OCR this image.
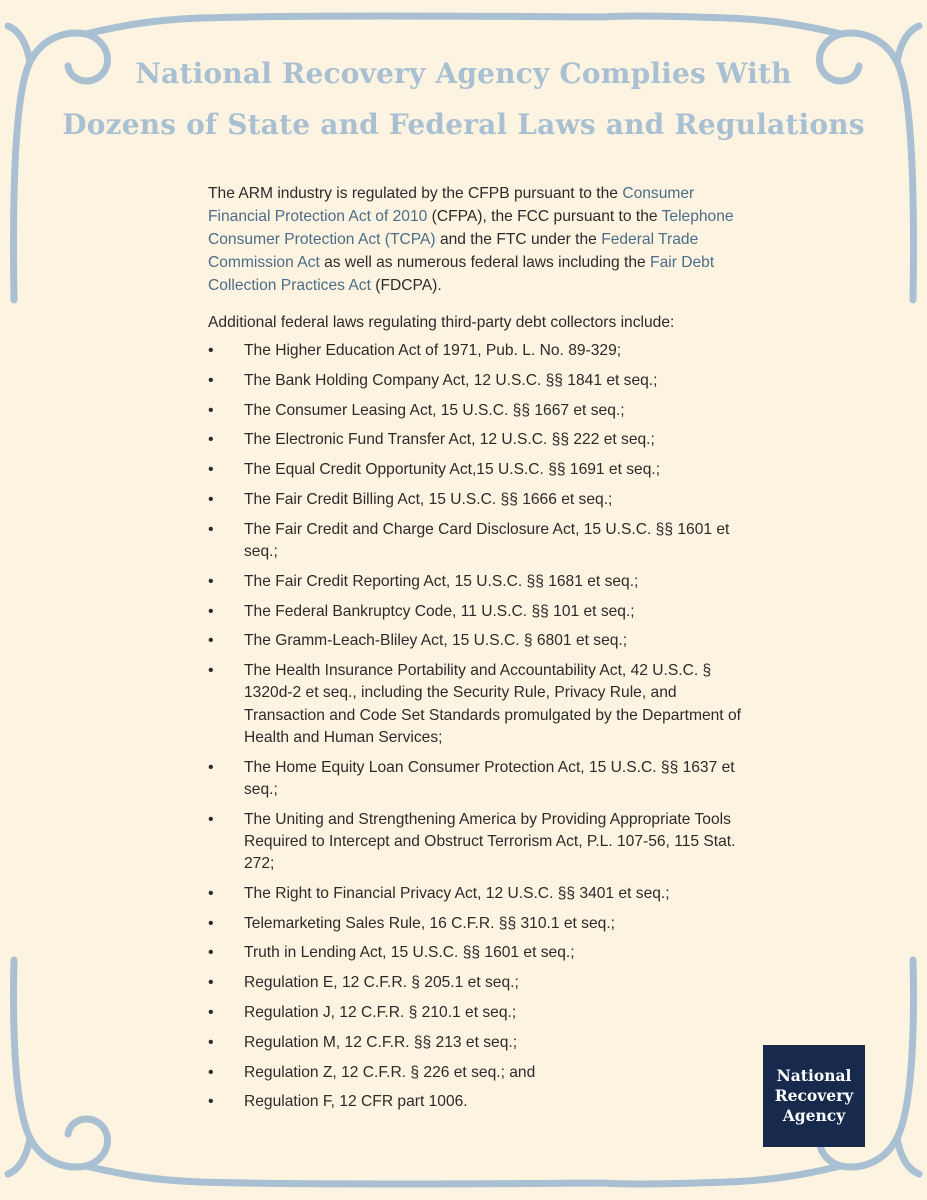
National Recovery Agency Complies With
Dozens of State and Federal Laws and Regulations

The ARM industry is regulated by the CFPB pursuant to the Consumer Financial Protection Act of 2010 (CFPA), the FCC pursuant to the Telephone Consumer Protection Act (TCPA) and the FTC under the Federal Trade Commission Act as well as numerous federal laws including the Fair Debt Collection Practices Act (FDCPA).

Additional federal laws regulating third-party debt collectors include:

• The Higher Education Act of 1971, Pub. L. No. 89-329;
• The Bank Holding Company Act, 12 U.S.C. §§ 1841 et seq.;
• The Consumer Leasing Act, 15 U.S.C. §§ 1667 et seq.;
• The Electronic Fund Transfer Act, 12 U.S.C. §§ 222 et seq.;
• The Equal Credit Opportunity Act,15 U.S.C. §§ 1691 et seq.;
• The Fair Credit Billing Act, 15 U.S.C. §§ 1666 et seq.;
• The Fair Credit and Charge Card Disclosure Act, 15 U.S.C. §§ 1601 et seq.;
• The Fair Credit Reporting Act, 15 U.S.C. §§ 1681 et seq.;
• The Federal Bankruptcy Code, 11 U.S.C. §§ 101 et seq.;
• The Gramm-Leach-Bliley Act, 15 U.S.C. § 6801 et seq.;
• The Health Insurance Portability and Accountability Act, 42 U.S.C. § 1320d-2 et seq., including the Security Rule, Privacy Rule, and Transaction and Code Set Standards promulgated by the Department of Health and Human Services;
• The Home Equity Loan Consumer Protection Act, 15 U.S.C. §§ 1637 et seq.;
• The Uniting and Strengthening America by Providing Appropriate Tools Required to Intercept and Obstruct Terrorism Act, P.L. 107-56, 115 Stat. 272;
• The Right to Financial Privacy Act, 12 U.S.C. §§ 3401 et seq.;
• Telemarketing Sales Rule, 16 C.F.R. §§ 310.1 et seq.;
• Truth in Lending Act, 15 U.S.C. §§ 1601 et seq.;
• Regulation E, 12 C.F.R. § 205.1 et seq.;
• Regulation J, 12 C.F.R. § 210.1 et seq.;
• Regulation M, 12 C.F.R. §§ 213 et seq.;
• Regulation Z, 12 C.F.R. § 226 et seq.; and
• Regulation F, 12 CFR part 1006.
National
Recovery
Agency
